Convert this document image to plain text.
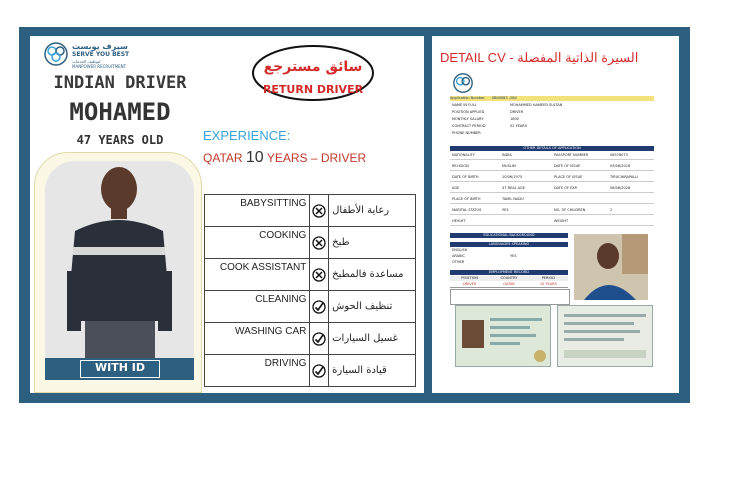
سيرف يوبست
SERVE YOU BEST
لتوظيف الخدمات
MANPOWER RECRUITMENT
INDIAN DRIVER
MOHAMED
47 YEARS OLD
WITH ID
سائق مسترجع
RETURN DRIVER
EXPERIENCE:
QATAR 10 YEARS – DRIVER
BABYSITTING		رعاية الأطفال
COOKING		طبخ
COOK ASSISTANT		مساعدة فالمطبخ
CLEANING		تنظيف الحوش
WASHING CAR		غسيل السيارات
DRIVING		قيادة السيارة
DETAIL CV - السيرة الذاتية المفصلة
Application Number SB00583 -284
NAME IN FULL	MOHAMMED HAMEED SULTAN
POSITION APPLIED	DRIVER
MONTHLY SALARY	1800
CONTRACT PERIOD	02 YEARS
PHONE NUMBER
OTHER DETAILS OF APPLICATION
NATIONALITY	INDIA	PASSPORT NUMBER	S8578073
RELIGION	MUSLIM	DATE OF ISSUE	09/08/2018
DATE OF BIRTH	10/06/1975	PLACE OF ISSUE	TIRUCHIRAPALLI
AGE	47 REAL AGE	DATE OF EXP.	08/08/2028
PLACE OF BIRTH	TAMIL NADU
MARITAL STATUS	YES	NO. OF CHILDREN	2
HEIGHT	WEIGHT
EDUCATIONAL BACKGROUND
LANGUAGES SPEAKING
ENGLISH
ARABIC	YES
OTHER
EMPLOYMENT RECORD
POSITION	COUNTRY	PERIOD
DRIVER	QATAR	10 YEARS
